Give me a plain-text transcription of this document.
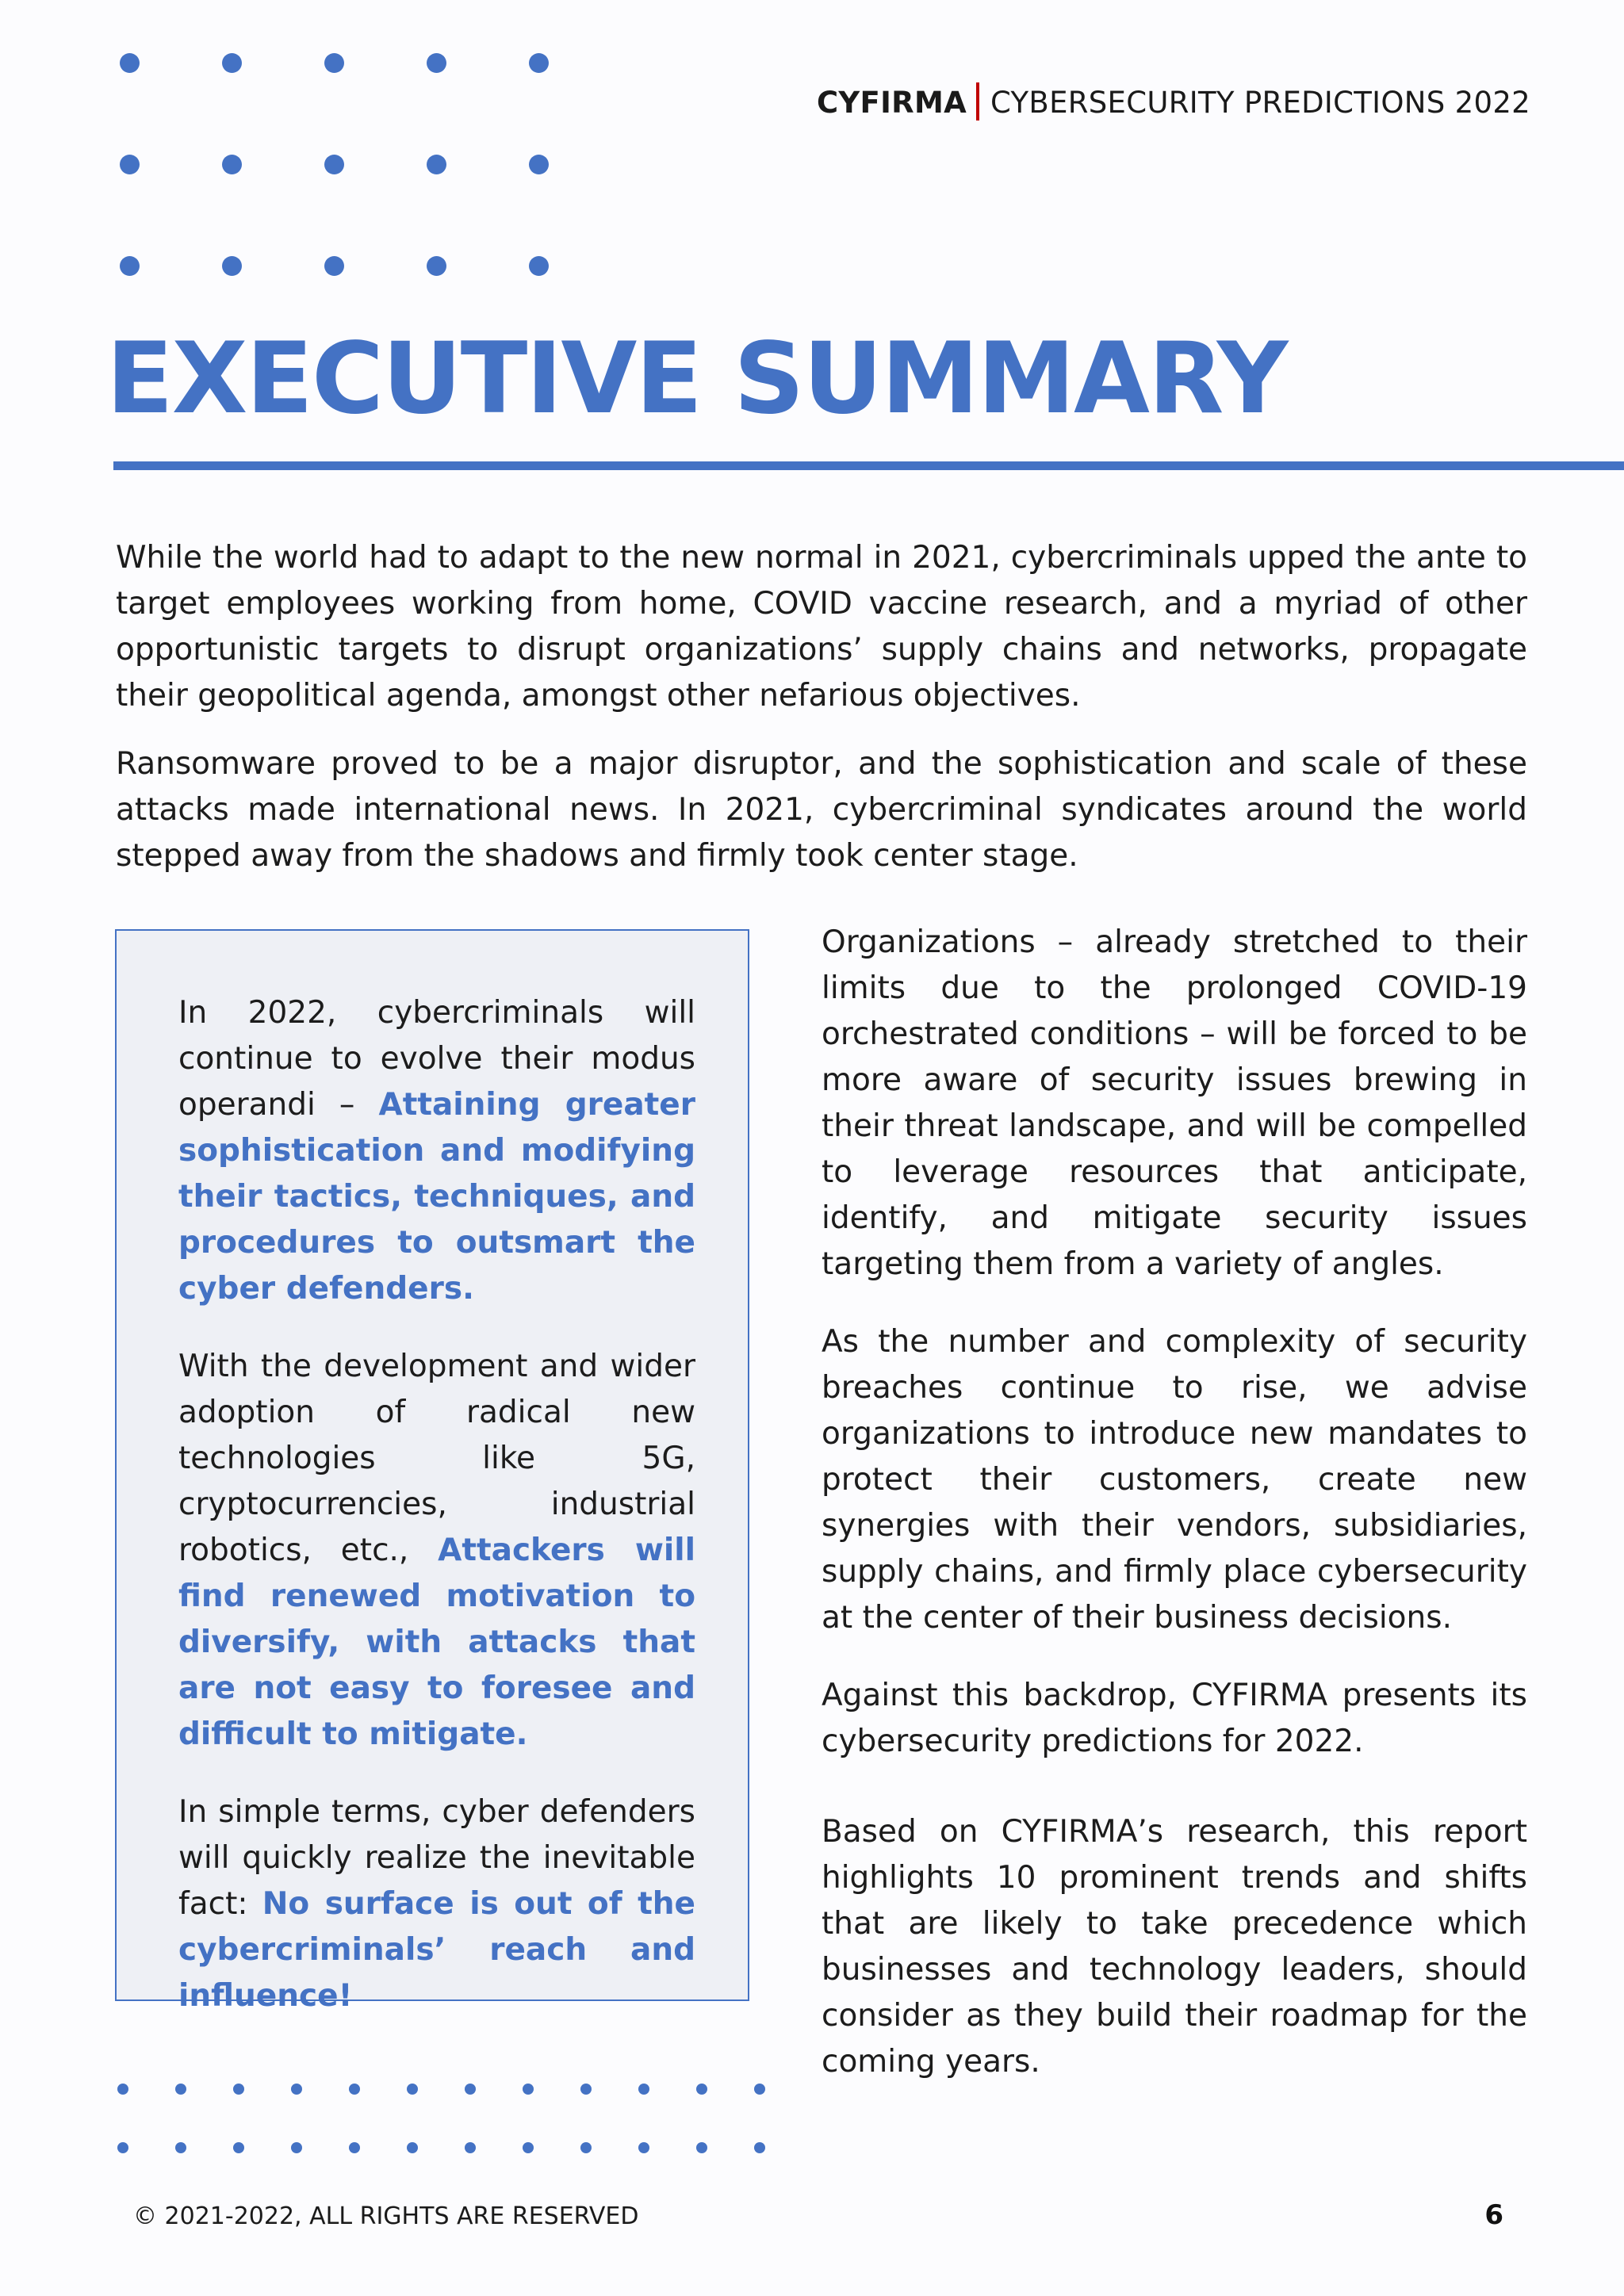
CYFIRMA CYBERSECURITY PREDICTIONS 2022
EXECUTIVE SUMMARY

While the world had to adapt to the new normal in 2021, cybercriminals upped the ante to target employees working from home, COVID vaccine research, and a myriad of other opportunistic targets to disrupt organizations’ supply chains and networks, propagate their geopolitical agenda, amongst other nefarious objectives.

Ransomware proved to be a major disruptor, and the sophistication and scale of these attacks made international news. In 2021, cybercriminal syndicates around the world stepped away from the shadows and firmly took center stage.

In 2022, cybercriminals will continue to evolve their modus operandi – Attaining greater sophistication and modifying their tactics, techniques, and procedures to outsmart the cyber defenders.

With the development and wider adoption of radical new technologies like 5G, cryptocurrencies, industrial robotics, etc., Attackers will find renewed motivation to diversify, with attacks that are not easy to foresee and difficult to mitigate.

In simple terms, cyber defenders will quickly realize the inevitable fact: No surface is out of the cybercriminals’ reach and influence!

Organizations – already stretched to their limits due to the prolonged COVID-19 orchestrated conditions – will be forced to be more aware of security issues brewing in their threat landscape, and will be compelled to leverage resources that anticipate, identify, and mitigate security issues targeting them from a variety of angles.

As the number and complexity of security breaches continue to rise, we advise organizations to introduce new mandates to protect their customers, create new synergies with their vendors, subsidiaries, supply chains, and firmly place cybersecurity at the center of their business decisions.

Against this backdrop, CYFIRMA presents its cybersecurity predictions for 2022.

Based on CYFIRMA’s research, this report highlights 10 prominent trends and shifts that are likely to take precedence which businesses and technology leaders, should consider as they build their roadmap for the coming years.

© 2021-2022, ALL RIGHTS ARE RESERVED	6
